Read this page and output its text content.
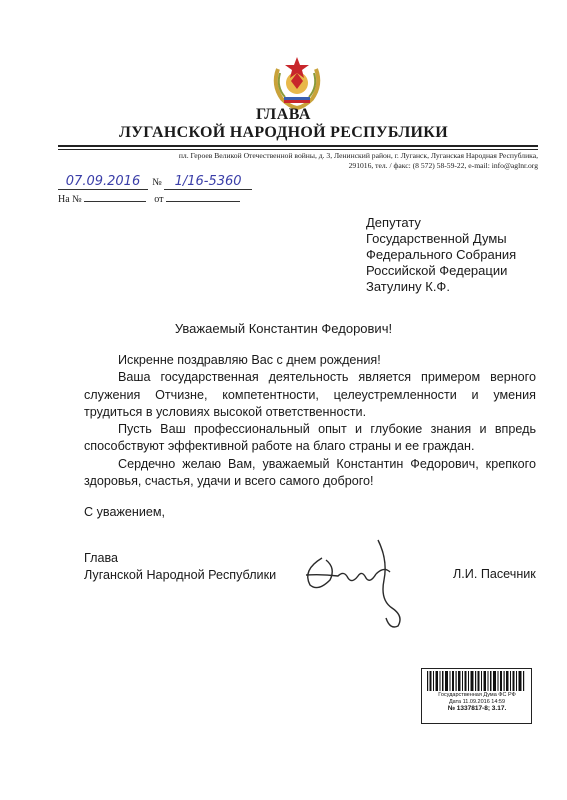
ГЛАВА
ЛУГАНСКОЙ НАРОДНОЙ РЕСПУБЛИКИ
пл. Героев Великой Отечественной войны, д. 3, Ленинский район, г. Луганск, Луганская Народная Республика,
291016, тел. / факс: (8 572) 58-59-22, e-mail: info@aglnr.org
07.09.2016 № 1/16-5360
На №	от
Депутату
Государственной Думы
Федерального Собрания
Российской Федерации
Затулину К.Ф.
Уважаемый Константин Федорович!

Искренне поздравляю Вас с днем рождения!

Ваша государственная деятельность является примером верного служения Отчизне, компетентности, целеустремленности и умения трудиться в условиях высокой ответственности.

Пусть Ваш профессиональный опыт и глубокие знания и впредь способствуют эффективной работе на благо страны и ее граждан.

Сердечно желаю Вам, уважаемый Константин Федорович, крепкого здоровья, счастья, удачи и всего самого доброго!

С уважением,
Глава
Луганской Народной Республики	Л.И. Пасечник
Государственная Дума ФС РФ
Дата 11.09.2016 14:59
№ 1337817-8; 3.17.
